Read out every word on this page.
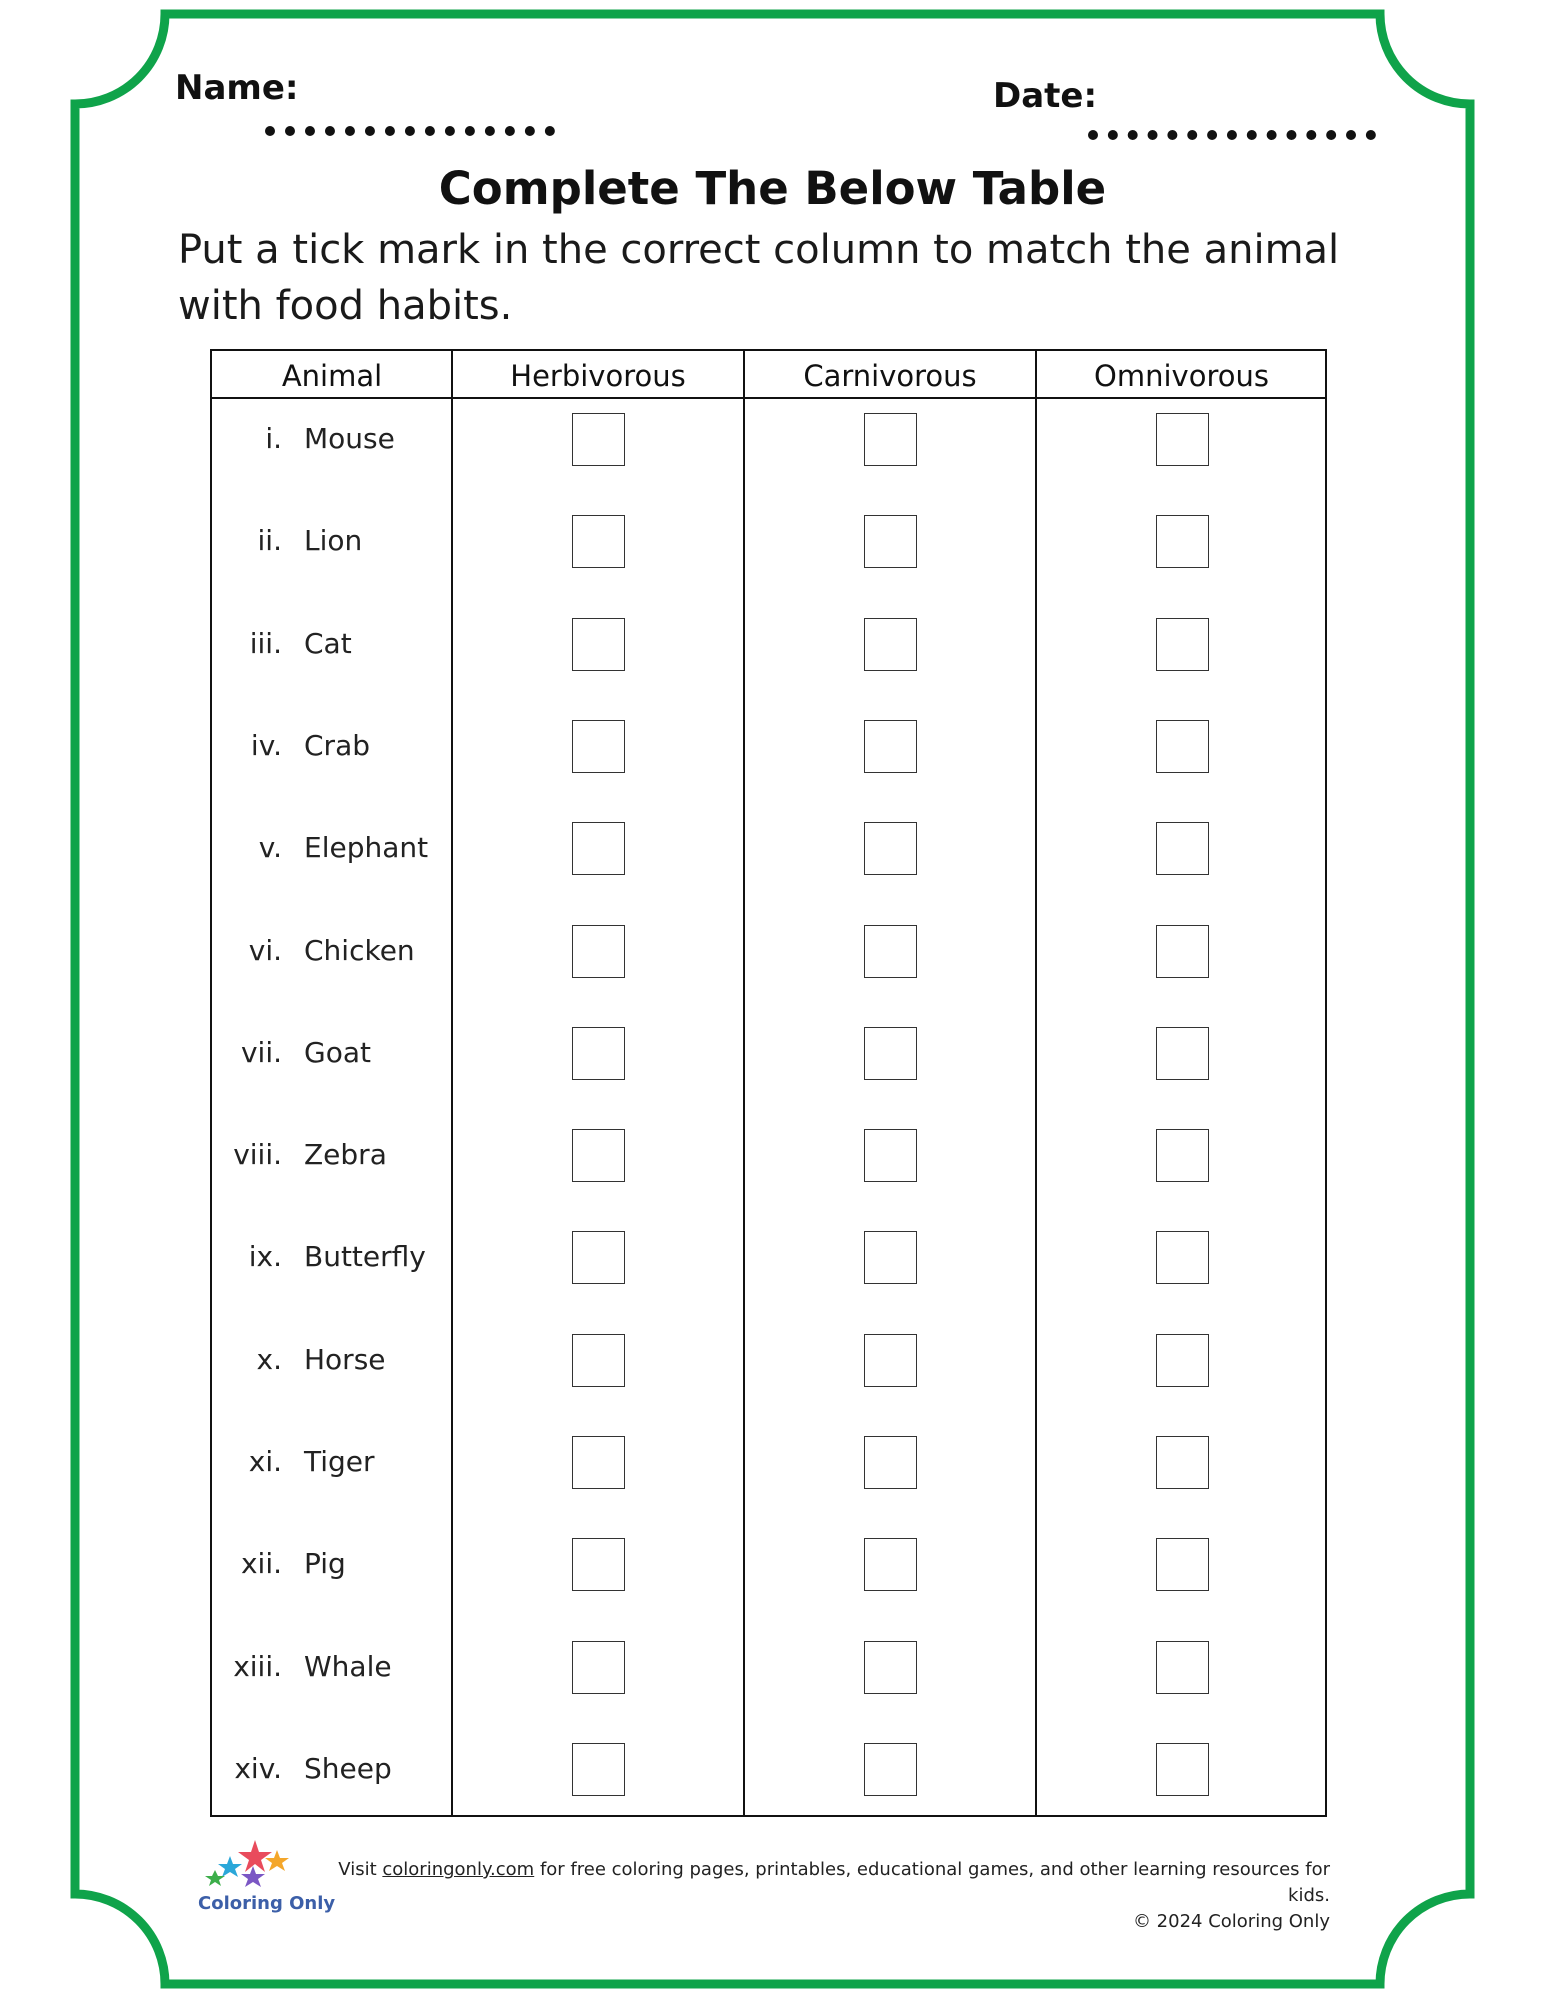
Name:	Date:
Complete The Below Table
Put a tick mark in the correct column to match the animal with food habits.
Animal	Herbivorous	Carnivorous	Omnivorous
i. Mouse
ii. Lion
iii. Cat
iv. Crab
v. Elephant
vi. Chicken
vii. Goat
viii. Zebra
ix. Butterfly
x. Horse
xi. Tiger
xii. Pig
xiii. Whale
xiv. Sheep
Coloring Only
Visit coloringonly.com for free coloring pages, printables, educational games, and other learning resources for kids.
© 2024 Coloring Only
